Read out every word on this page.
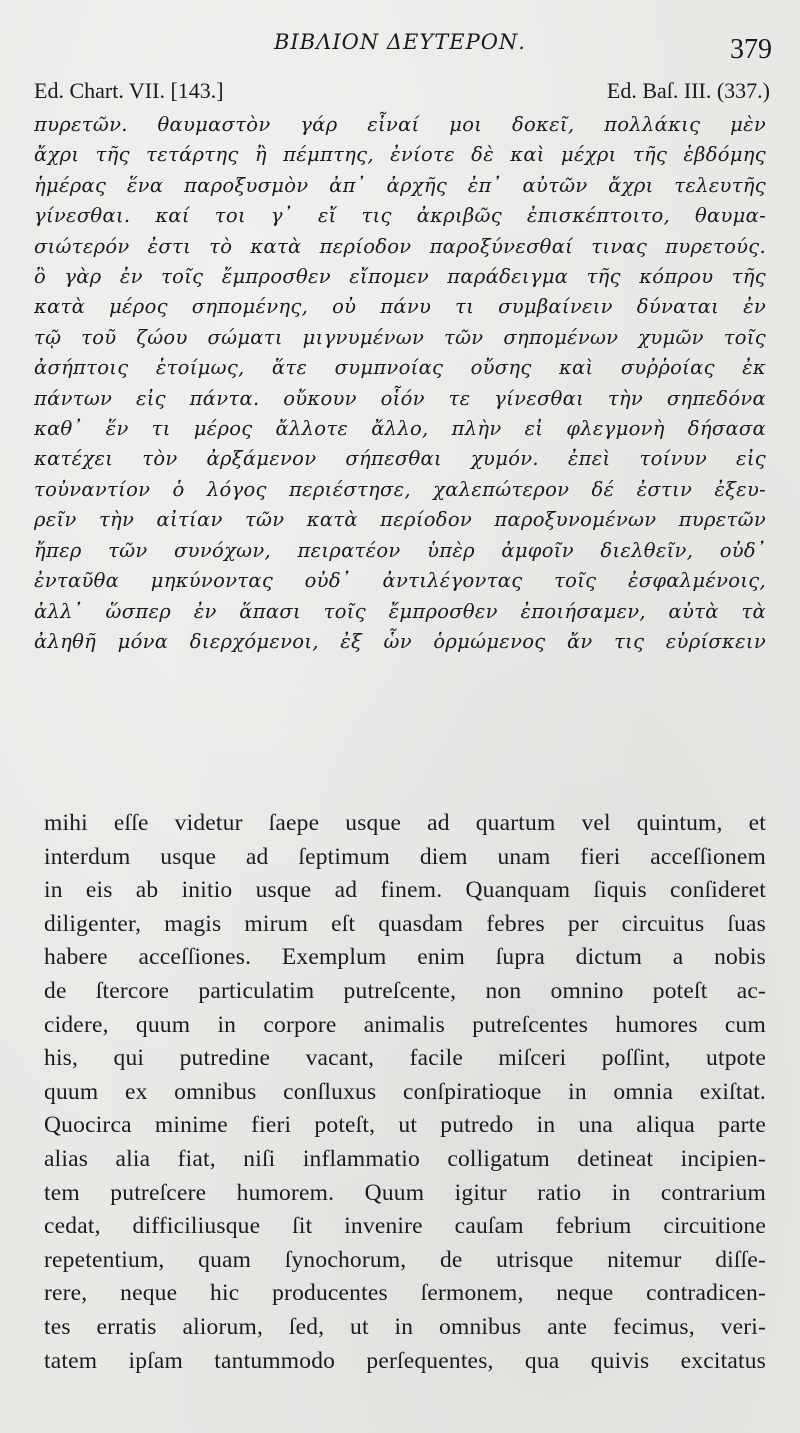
ΒΙΒΛΙΟΝ ΔΕΥΤΕΡΟΝ.	379
Ed. Chart. VII. [143.]	Ed. Baſ. III. (337.)
πυρετῶν. θαυμαστὸν γάρ εἶναί μοι δοκεῖ, πολλάκις μὲν
ἄχρι τῆς τετάρτης ἢ πέμπτης, ἐνίοτε δὲ καὶ μέχρι τῆς ἑβδόμης
ἡμέρας ἕνα παροξυσμὸν ἀπ᾿ ἀρχῆς ἐπ᾿ αὐτῶν ἄχρι τελευτῆς
γίνεσθαι. καί τοι γ᾿ εἴ τις ἀκριβῶς ἐπισκέπτοιτο, θαυμα-
σιώτερόν ἐστι τὸ κατὰ περίοδον παροξύνεσθαί τινας πυρετούς.
ὃ γὰρ ἐν τοῖς ἔμπροσθεν εἴπομεν παράδειγμα τῆς κόπρου τῆς
κατὰ μέρος σηπομένης, οὐ πάνυ τι συμβαίνειν δύναται ἐν
τῷ τοῦ ζώου σώματι μιγνυμένων τῶν σηπομένων χυμῶν τοῖς
ἀσήπτοις ἑτοίμως, ἅτε συμπνοίας οὔσης καὶ συῤῥοίας ἐκ
πάντων εἰς πάντα. οὔκουν οἷόν τε γίνεσθαι τὴν σηπεδόνα
καθ᾿ ἕν τι μέρος ἄλλοτε ἄλλο, πλὴν εἰ φλεγμονὴ δήσασα
κατέχει τὸν ἀρξάμενον σήπεσθαι χυμόν. ἐπεὶ τοίνυν εἰς
τοὐναντίον ὁ λόγος περιέστησε, χαλεπώτερον δέ ἐστιν ἐξευ-
ρεῖν τὴν αἰτίαν τῶν κατὰ περίοδον παροξυνομένων πυρετῶν
ἤπερ τῶν συνόχων, πειρατέον ὑπὲρ ἀμφοῖν διελθεῖν, οὐδ᾿
ἐνταῦθα μηκύνοντας οὐδ᾿ ἀντιλέγοντας τοῖς ἐσφαλμένοις,
ἀλλ᾿ ὥσπερ ἐν ἅπασι τοῖς ἔμπροσθεν ἐποιήσαμεν, αὐτὰ τὰ
ἀληθῆ μόνα διερχόμενοι, ἐξ ὧν ὁρμώμενος ἄν τις εὑρίσκειν
mihi eſſe videtur ſaepe usque ad quartum vel quintum, et
interdum usque ad ſeptimum diem unam fieri acceſſionem
in eis ab initio usque ad finem. Quanquam ſiquis conſideret
diligenter, magis mirum eſt quasdam febres per circuitus ſuas
habere acceſſiones. Exemplum enim ſupra dictum a nobis
de ſtercore particulatim putreſcente, non omnino poteſt ac-
cidere, quum in corpore animalis putreſcentes humores cum
his, qui putredine vacant, facile miſceri poſſint, utpote
quum ex omnibus conſluxus conſpiratioque in omnia exiſtat.
Quocirca minime fieri poteſt, ut putredo in una aliqua parte
alias alia fiat, niſi inflammatio colligatum detineat incipien-
tem putreſcere humorem. Quum igitur ratio in contrarium
cedat, difficiliusque ſit invenire cauſam febrium circuitione
repetentium, quam ſynochorum, de utrisque nitemur diſſe-
rere, neque hic producentes ſermonem, neque contradicen-
tes erratis aliorum, ſed, ut in omnibus ante fecimus, veri-
tatem ipſam tantummodo perſequentes, qua quivis excitatus
